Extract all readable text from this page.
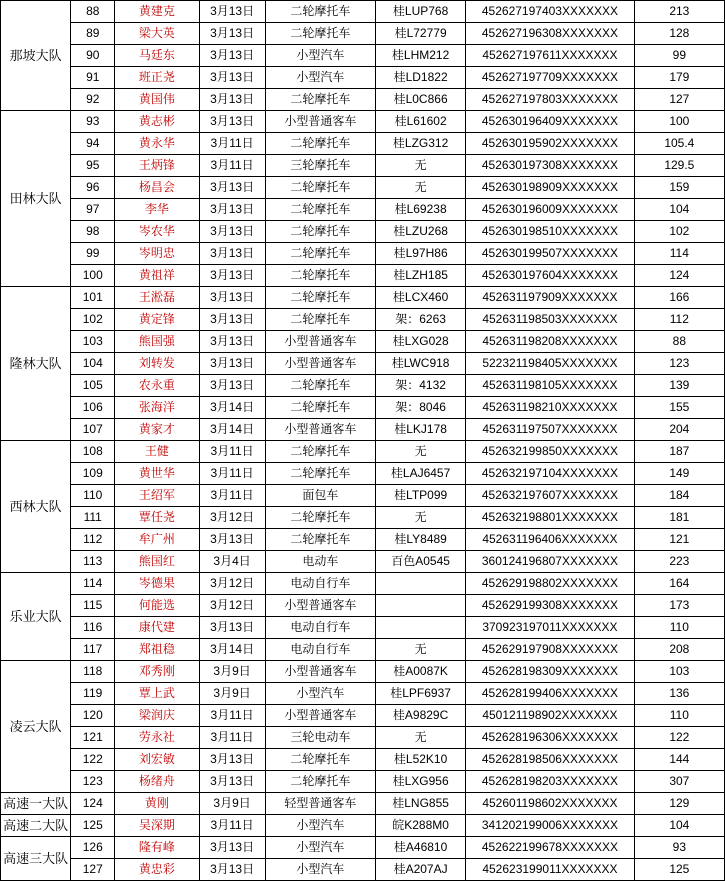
那坡大队	88	黄建克	3月13日	二轮摩托车	桂LUP768	452627197403XXXXXXX	213
	89	梁大英	3月13日	二轮摩托车	桂L72779	452627196308XXXXXXX	128
	90	马廷东	3月13日	小型汽车	桂LHM212	452627197611XXXXXXX	99
	91	班正尧	3月13日	小型汽车	桂LD1822	452627197709XXXXXXX	179
	92	黄国伟	3月13日	二轮摩托车	桂L0C866	452627197803XXXXXXX	127
田林大队	93	黄志彬	3月13日	小型普通客车	桂L61602	452630196409XXXXXXX	100
	94	黄永华	3月11日	二轮摩托车	桂LZG312	452630195902XXXXXXX	105.4
	95	王炳锋	3月11日	三轮摩托车	无	452630197308XXXXXXX	129.5
	96	杨昌会	3月13日	二轮摩托车	无	452630198909XXXXXXX	159
	97	李华	3月13日	二轮摩托车	桂L69238	452630196009XXXXXXX	104
	98	岑农华	3月13日	二轮摩托车	桂LZU268	452630198510XXXXXXX	102
	99	岑明忠	3月13日	二轮摩托车	桂L97H86	452630199507XXXXXXX	114
	100	黄祖祥	3月13日	二轮摩托车	桂LZH185	452630197604XXXXXXX	124
隆林大队	101	王淞磊	3月13日	二轮摩托车	桂LCX460	452631197909XXXXXXX	166
	102	黄定锋	3月13日	二轮摩托车	架：6263	452631198503XXXXXXX	112
	103	熊国强	3月13日	小型普通客车	桂LXG028	452631198208XXXXXXX	88
	104	刘转发	3月13日	小型普通客车	桂LWC918	522321198405XXXXXXX	123
	105	农永重	3月13日	二轮摩托车	架：4132	452631198105XXXXXXX	139
	106	张海洋	3月14日	二轮摩托车	架：8046	452631198210XXXXXXX	155
	107	黄家才	3月14日	小型普通客车	桂LKJ178	452631197507XXXXXXX	204
西林大队	108	王健	3月11日	二轮摩托车	无	452632199850XXXXXXX	187
	109	黄世华	3月11日	二轮摩托车	桂LAJ6457	452632197104XXXXXXX	149
	110	王绍军	3月11日	面包车	桂LTP099	452632197607XXXXXXX	184
	111	覃任尧	3月12日	二轮摩托车	无	452632198801XXXXXXX	181
	112	牟广州	3月13日	二轮摩托车	桂LY8489	452631196406XXXXXXX	121
	113	熊国红	3月4日	电动车	百色A0545	360124196807XXXXXXX	223
乐业大队	114	岑德果	3月12日	电动自行车		452629198802XXXXXXX	164
	115	何能选	3月12日	小型普通客车		452629199308XXXXXXX	173
	116	康代建	3月13日	电动自行车		370923197011XXXXXXX	110
	117	郑祖稳	3月14日	电动自行车	无	452629197908XXXXXXX	208
凌云大队	118	邓秀刚	3月9日	小型普通客车	桂A0087K	452628198309XXXXXXX	103
	119	覃上武	3月9日	小型汽车	桂LPF6937	452628199406XXXXXXX	136
	120	梁润庆	3月11日	小型普通客车	桂A9829C	450121198902XXXXXXX	110
	121	劳永社	3月11日	三轮电动车	无	452628196306XXXXXXX	122
	122	刘宏敏	3月13日	二轮摩托车	桂L52K10	452628198506XXXXXXX	144
	123	杨绪舟	3月13日	二轮摩托车	桂LXG956	452628198203XXXXXXX	307
高速一大队	124	黄刚	3月9日	轻型普通客车	桂LNG855	452601198602XXXXXXX	129
高速二大队	125	吴深期	3月11日	小型汽车	皖K288M0	341202199006XXXXXXX	104
高速三大队	126	隆有峰	3月13日	小型汽车	桂A46810	452622199678XXXXXXX	93
	127	黄忠彩	3月13日	小型汽车	桂A207AJ	452623199011XXXXXXX	125
